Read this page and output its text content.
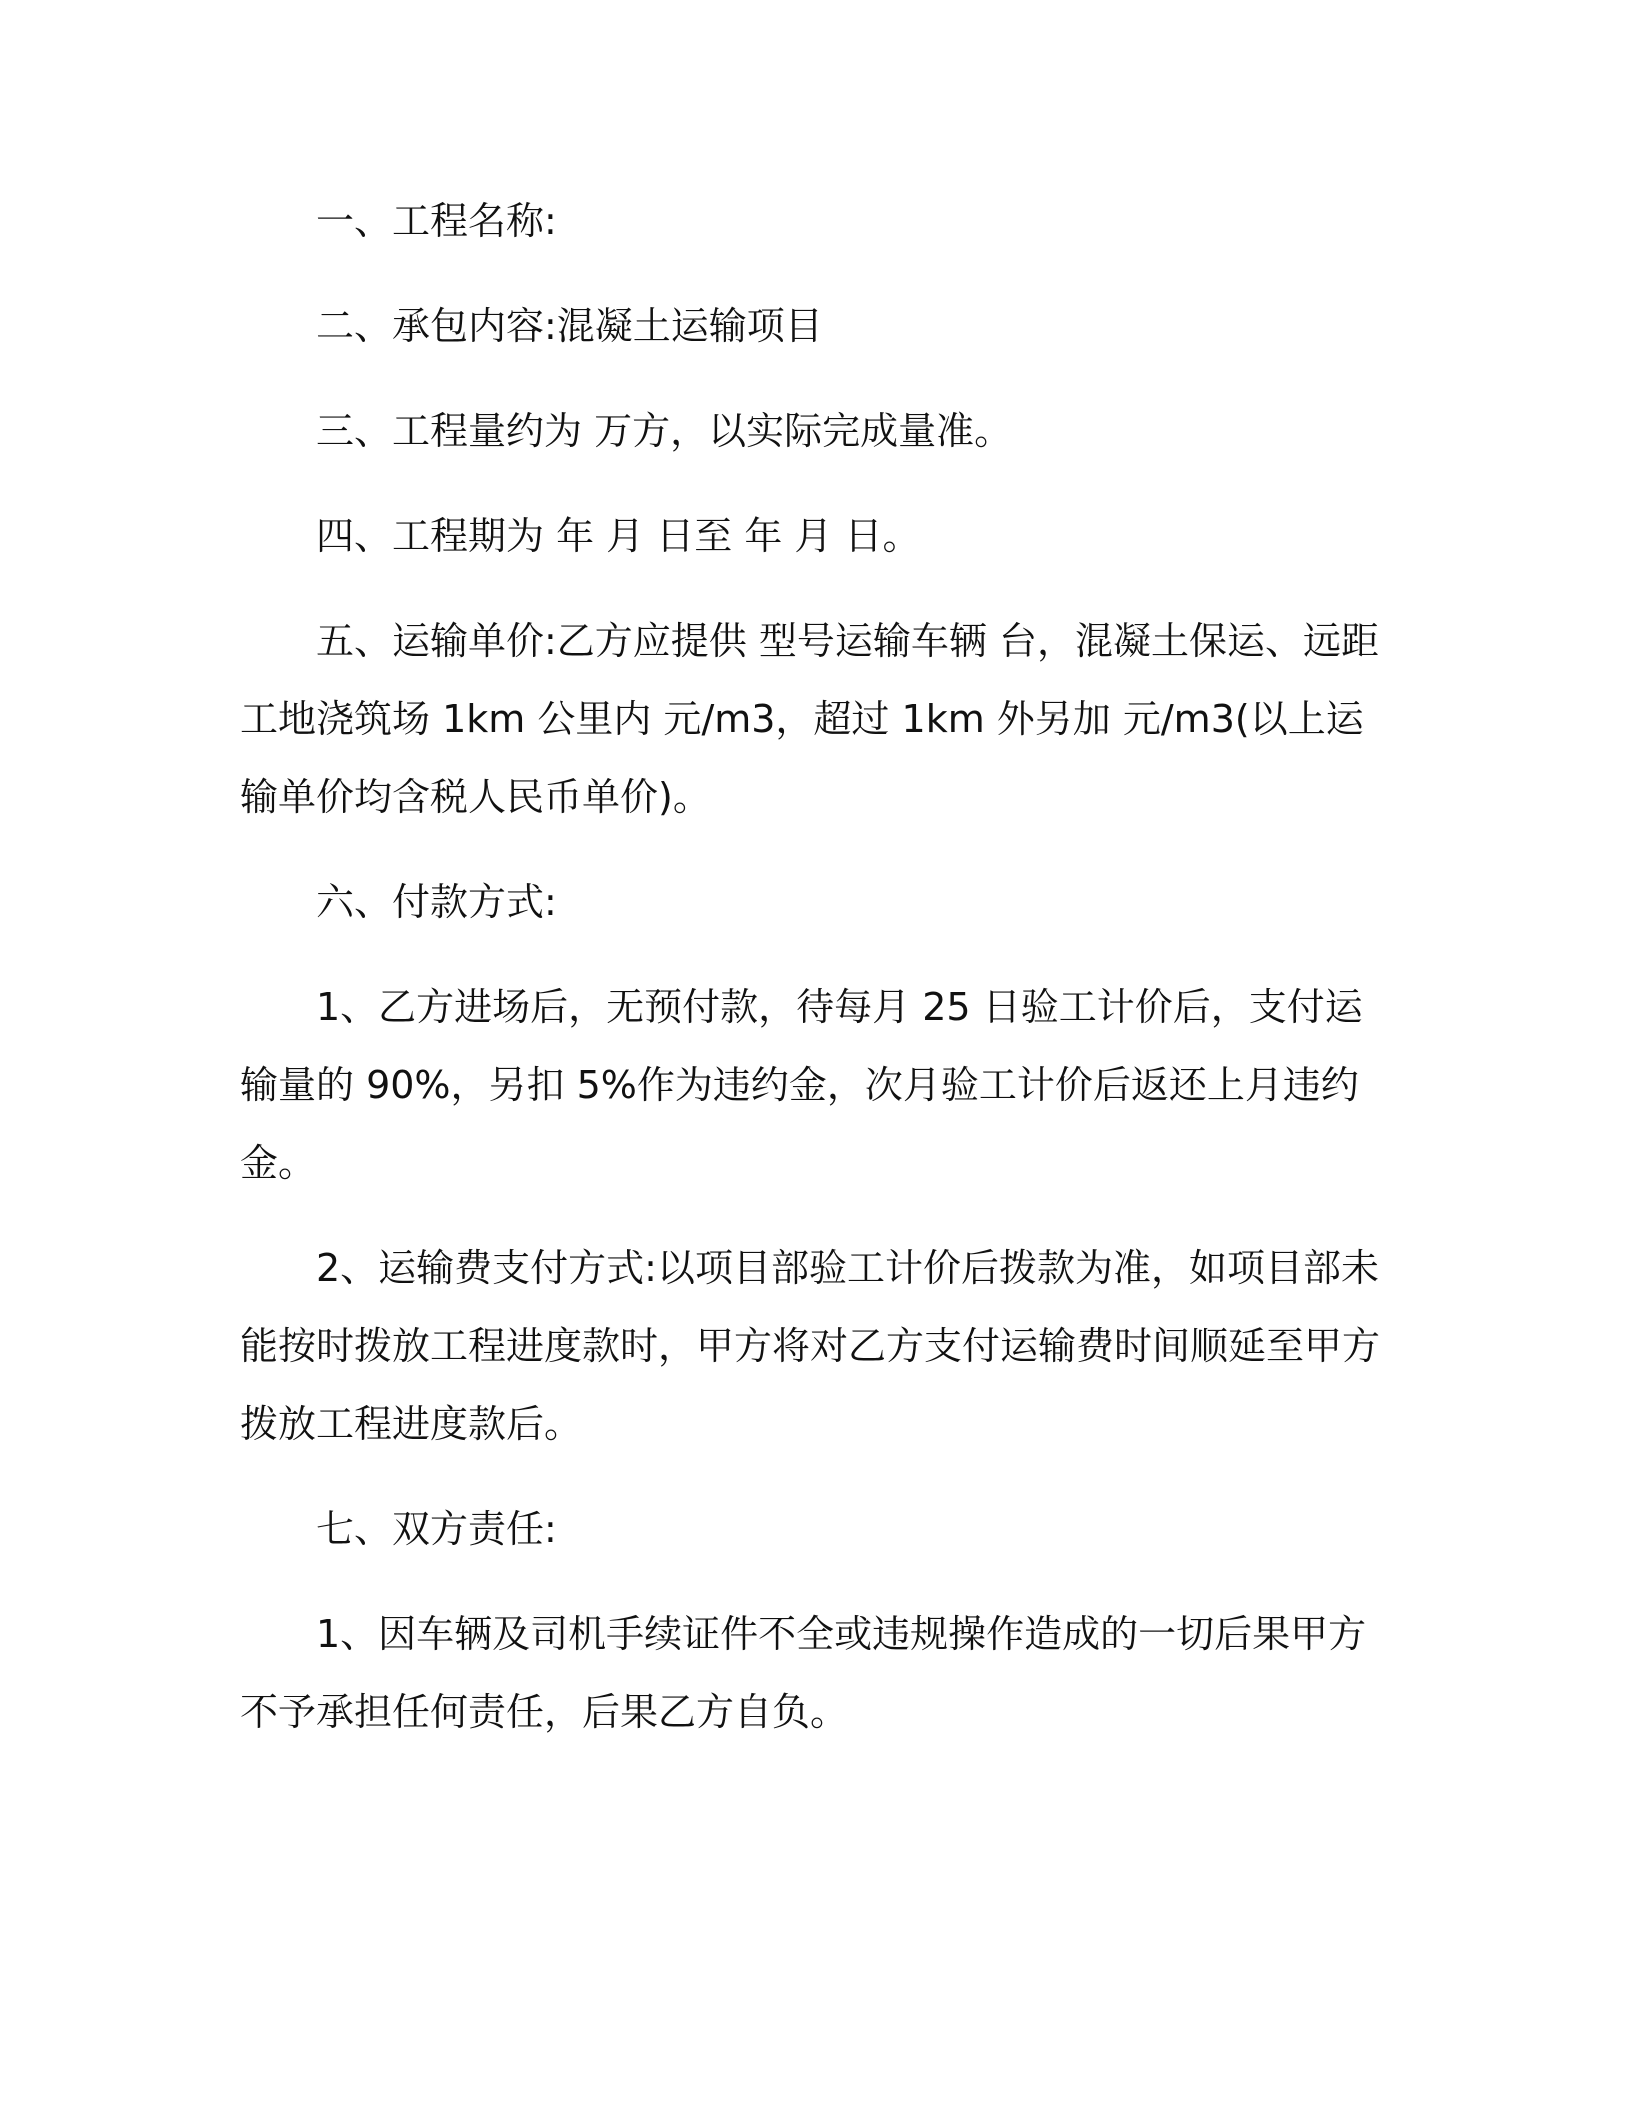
一、工程名称:

二、承包内容:混凝土运输项目

三、工程量约为 万方，以实际完成量准。

四、工程期为 年 月 日至 年 月 日。

五、运输单价:乙方应提供 型号运输车辆 台，混凝土保运、远距工地浇筑场 1km 公里内 元/m3，超过 1km 外另加 元/m3(以上运输单价均含税人民币单价)。

六、付款方式:

1、乙方进场后，无预付款，待每月 25 日验工计价后，支付运输量的 90%，另扣 5%作为违约金，次月验工计价后返还上月违约金。

2、运输费支付方式:以项目部验工计价后拨款为准，如项目部未能按时拨放工程进度款时，甲方将对乙方支付运输费时间顺延至甲方拨放工程进度款后。

七、双方责任:

1、因车辆及司机手续证件不全或违规操作造成的一切后果甲方不予承担任何责任，后果乙方自负。
